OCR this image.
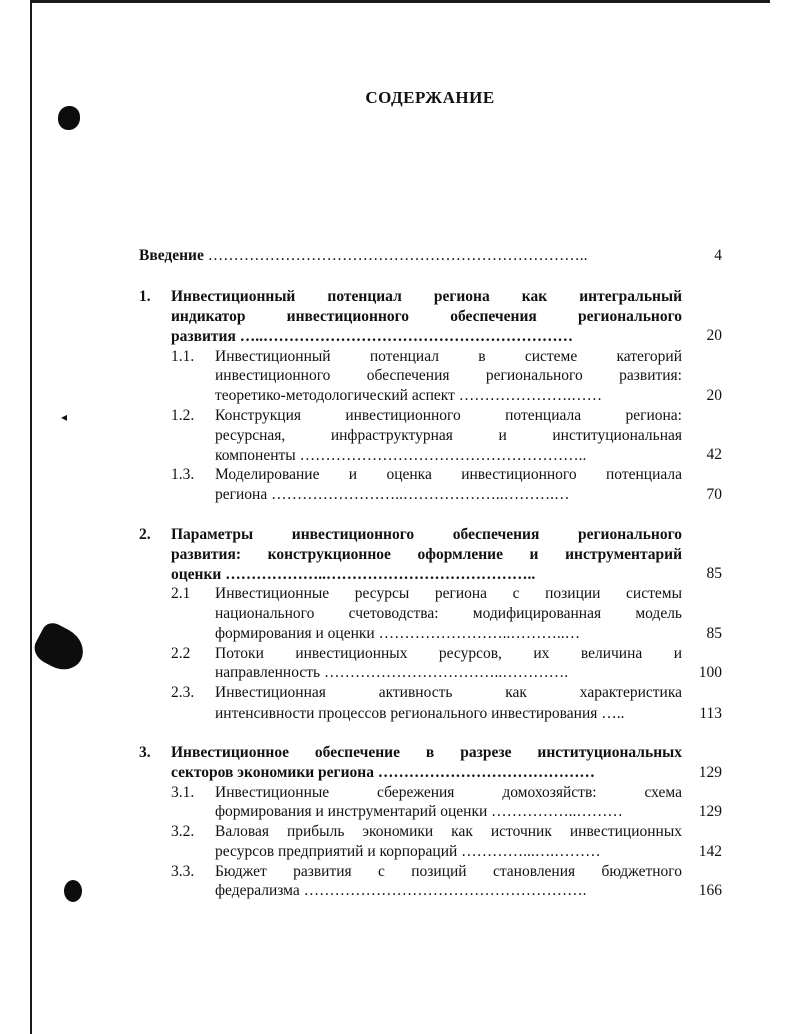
◂
СОДЕРЖАНИЕ
Введение ………………………………………………………………..	4
1. Инвестиционный потенциал региона как интегральный
индикатор инвестиционного обеспечения регионального
развития …..……………………………………………………	20
1.1. Инвестиционный потенциал в системе категорий
инвестиционного обеспечения регионального развития:
теоретико-методологический аспект ………………….……	20
1.2. Конструкция инвестиционного потенциала региона:
ресурсная, инфраструктурная и институциональная
компоненты ………………………………………………..	42
1.3. Моделирование и оценка инвестиционного потенциала
региона ……………………..………………..……….…	70
2. Параметры инвестиционного обеспечения регионального
развития: конструкционное оформление и инструментарий
оценки ………………..…………………………………..	85
2.1 Инвестиционные ресурсы региона с позиции системы
национального счетоводства: модифицированная модель
формирования и оценки ……………………..………..…	85
2.2 Потоки инвестиционных ресурсов, их величина и
направленность ……………………………..………….	100
2.3. Инвестиционная активность как характеристика
интенсивности процессов регионального инвестирования …..	113
3. Инвестиционное обеспечение в разрезе институциональных
секторов экономики региона ……………………………………	129
3.1. Инвестиционные сбережения домохозяйств: схема
формирования и инструментарий оценки ……………..………	129
3.2. Валовая прибыль экономики как источник инвестиционных
ресурсов предприятий и корпораций …………...….………	142
3.3. Бюджет развития с позиций становления бюджетного
федерализма ……………………………………………….	166
